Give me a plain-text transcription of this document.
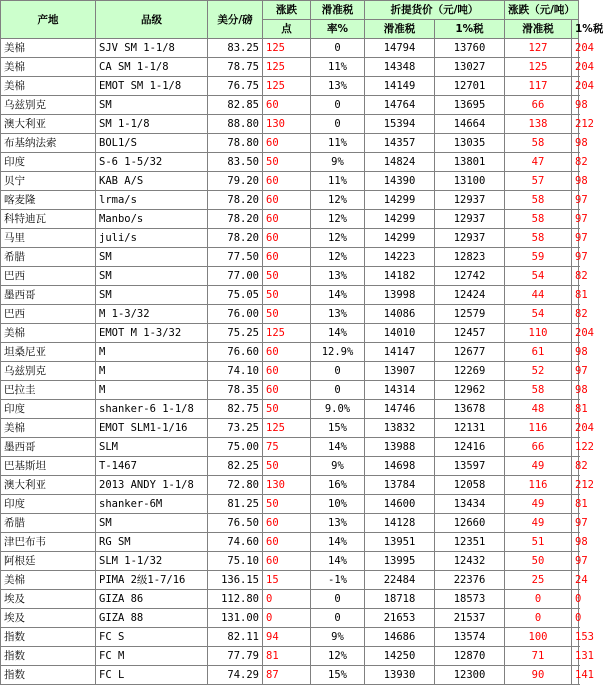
产地	品级	美分/磅	涨跌	滑准税	折提货价（元/吨）		涨跌（元/吨）	
			点	率%	滑准税	1%税	滑准税	1%税
美棉	SJV SM 1-1/8	83.25	125	0	14794	13760	127	204
美棉	CA SM 1-1/8	78.75	125	11%	14348	13027	125	204
美棉	EMOT SM 1-1/8	76.75	125	13%	14149	12701	117	204
乌兹别克	SM	82.85	60	0	14764	13695	66	98
澳大利亚	SM 1-1/8	88.80	130	0	15394	14664	138	212
布基纳法索	BOL1/S	78.80	60	11%	14357	13035	58	98
印度	S-6 1-5/32	83.50	50	9%	14824	13801	47	82
贝宁	KAB A/S	79.20	60	11%	14390	13100	57	98
喀麦隆	lrma/s	78.20	60	12%	14299	12937	58	97
科特迪瓦	Manbo/s	78.20	60	12%	14299	12937	58	97
马里	juli/s	78.20	60	12%	14299	12937	58	97
希腊	SM	77.50	60	12%	14223	12823	59	97
巴西	SM	77.00	50	13%	14182	12742	54	82
墨西哥	SM	75.05	50	14%	13998	12424	44	81
巴西	M 1-3/32	76.00	50	13%	14086	12579	54	82
美棉	EMOT M 1-3/32	75.25	125	14%	14010	12457	110	204
坦桑尼亚	M	76.60	60	12.9%	14147	12677	61	98
乌兹别克	M	74.10	60	0	13907	12269	52	97
巴拉圭	M	78.35	60	0	14314	12962	58	98
印度	shanker-6 1-1/8	82.75	50	9.0%	14746	13678	48	81
美棉	EMOT SLM1-1/16	73.25	125	15%	13832	12131	116	204
墨西哥	SLM	75.00	75	14%	13988	12416	66	122
巴基斯坦	T-1467	82.25	50	9%	14698	13597	49	82
澳大利亚	2013 ANDY 1-1/8	72.80	130	16%	13784	12058	116	212
印度	shanker-6M	81.25	50	10%	14600	13434	49	81
希腊	SM	76.50	60	13%	14128	12660	49	97
津巴布韦	RG SM	74.60	60	14%	13951	12351	51	98
阿根廷	SLM 1-1/32	75.10	60	14%	13995	12432	50	97
美棉	PIMA 2级1-7/16	136.15	15	-1%	22484	22376	25	24
埃及	GIZA 86	112.80	0	0	18718	18573	0	0
埃及	GIZA 88	131.00	0	0	21653	21537	0	0
指数	FC S	82.11	94	9%	14686	13574	100	153
指数	FC M	77.79	81	12%	14250	12870	71	131
指数	FC L	74.29	87	15%	13930	12300	90	141
